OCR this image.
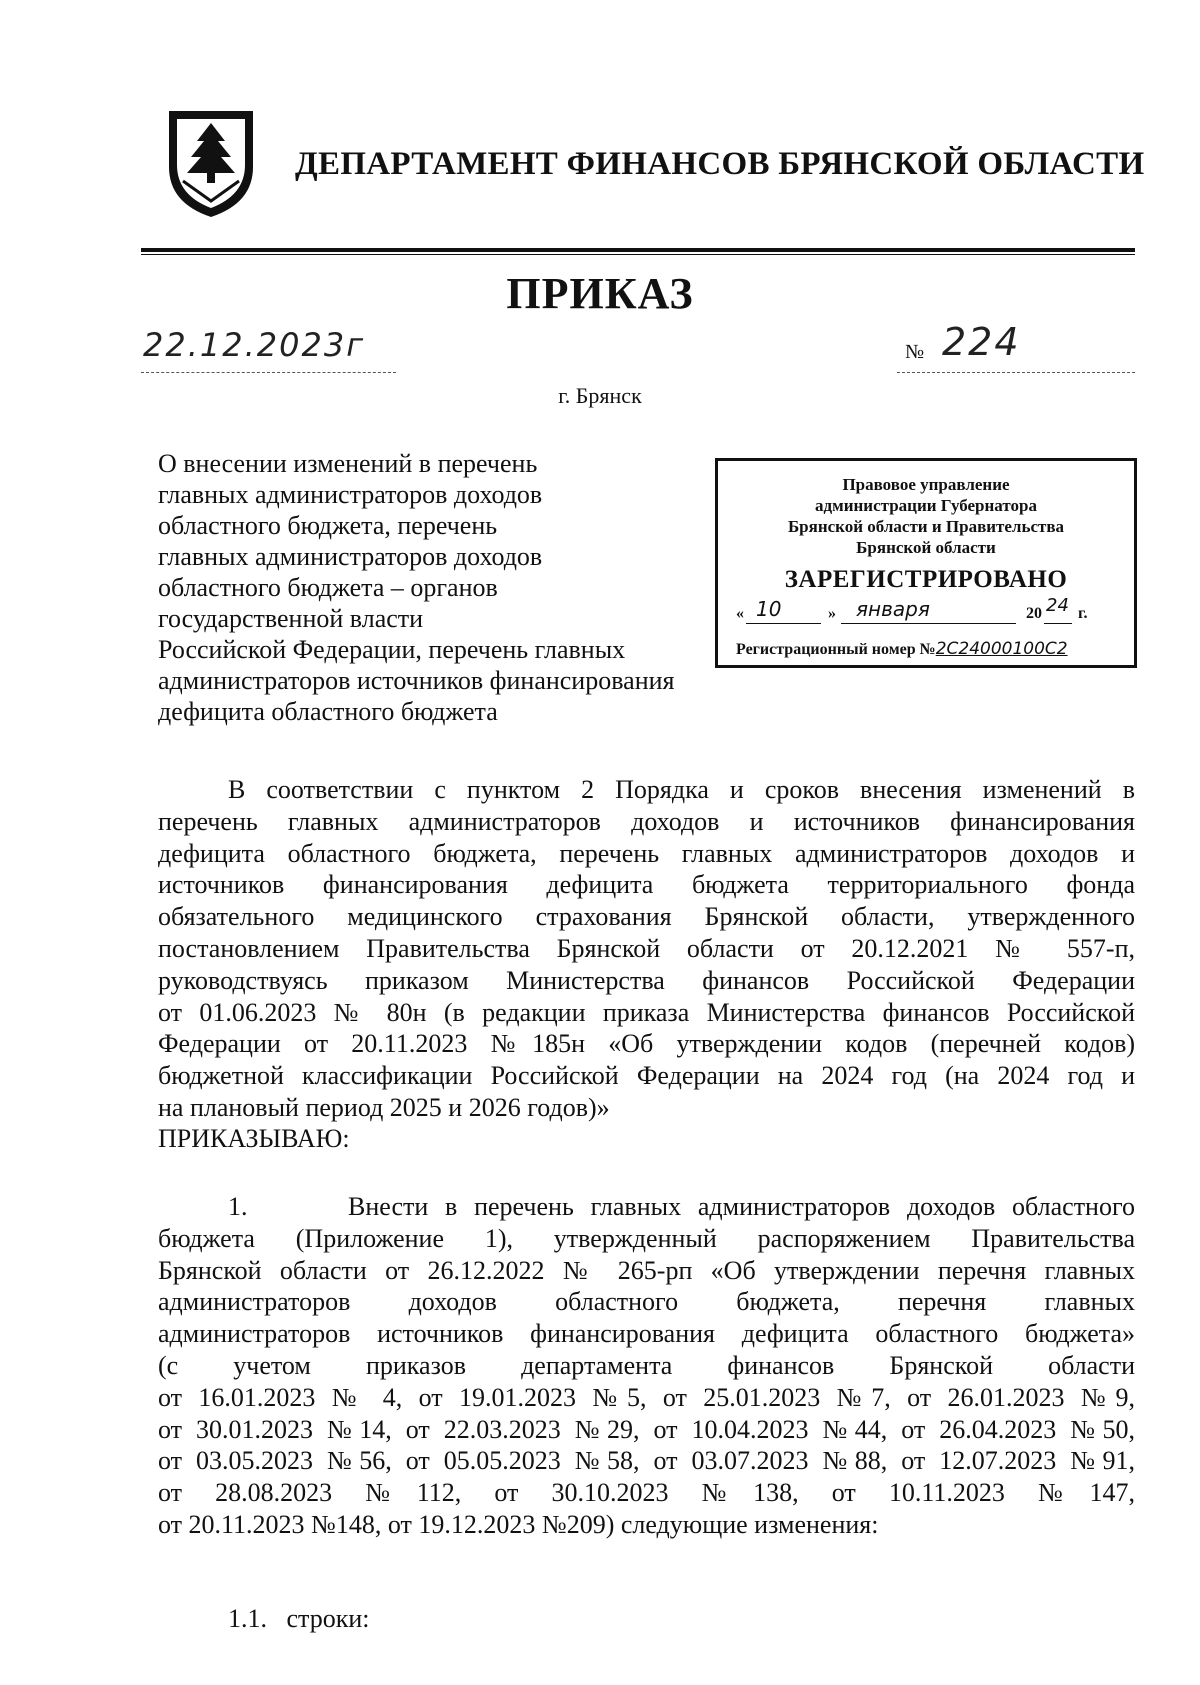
ДЕПАРТАМЕНТ ФИНАНСОВ БРЯНСКОЙ ОБЛАСТИ
ПРИКАЗ
22.12.2023г	№ 224
г. Брянск
О внесении изменений в перечень
главных администраторов доходов
областного бюджета, перечень
главных администраторов доходов
областного бюджета – органов
государственной власти
Российской Федерации, перечень главных
администраторов источников финансирования
дефицита областного бюджета
Правовое управление
администрации Губернатора
Брянской области и Правительства
Брянской области
ЗАРЕГИСТРИРОВАНО
« 10	» января	20 24 г.
Регистрационный номер №2С24000100С2
В соответствии с пунктом 2 Порядка и сроков внесения изменений в
перечень главных администраторов доходов и источников финансирования
дефицита областного бюджета, перечень главных администраторов доходов и
источников финансирования дефицита бюджета территориального фонда
обязательного медицинского страхования Брянской области, утвержденного
постановлением Правительства Брянской области от 20.12.2021 № 557-п,
руководствуясь приказом Министерства финансов Российской Федерации
от 01.06.2023 № 80н (в редакции приказа Министерства финансов Российской
Федерации от 20.11.2023 №185н «Об утверждении кодов (перечней кодов)
бюджетной классификации Российской Федерации на 2024 год (на 2024 год и
на плановый период 2025 и 2026 годов)»
ПРИКАЗЫВАЮ:
1.      Внести в перечень главных администраторов доходов областного
бюджета (Приложение 1), утвержденный распоряжением Правительства
Брянской области от 26.12.2022 № 265-рп «Об утверждении перечня главных
администраторов доходов областного бюджета, перечня главных
администраторов источников финансирования дефицита областного бюджета»
(с учетом приказов департамента финансов Брянской области
от 16.01.2023 № 4, от 19.01.2023 №5, от 25.01.2023 №7, от 26.01.2023 №9,
от 30.01.2023 №14, от 22.03.2023 №29, от 10.04.2023 №44, от 26.04.2023 №50,
от 03.05.2023 №56, от 05.05.2023 №58, от 03.07.2023 №88, от 12.07.2023 №91,
от 28.08.2023 №112, от 30.10.2023 №138, от 10.11.2023 №147,
от 20.11.2023 №148, от 19.12.2023 №209) следующие изменения:
1.1.   строки:
